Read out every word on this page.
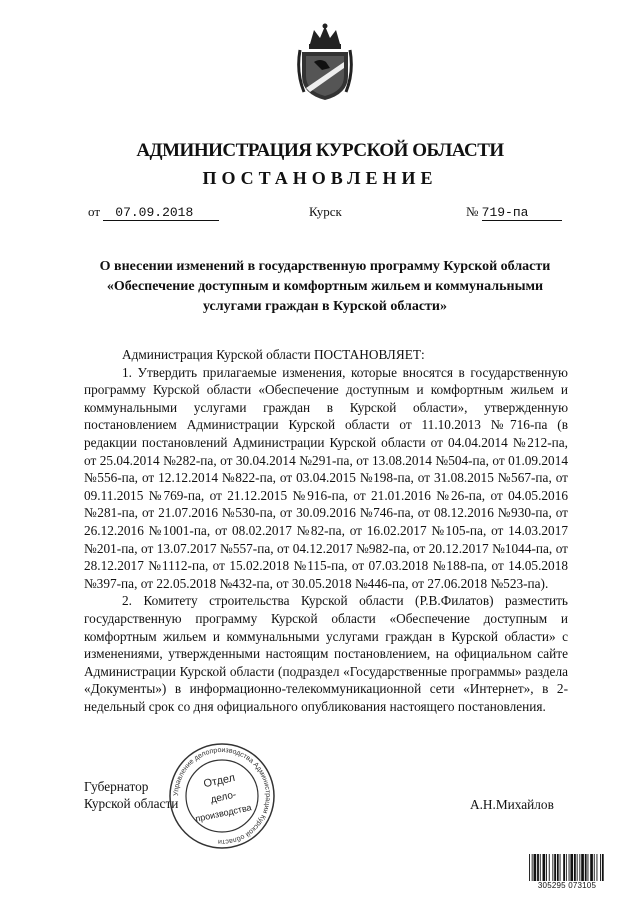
АДМИНИСТРАЦИЯ КУРСКОЙ ОБЛАСТИ
ПОСТАНОВЛЕНИЕ
от 07.09.2018	Курск	№ 719-па
О внесении изменений в государственную программу Курской области
«Обеспечение доступным и комфортным жильем и коммунальными
услугами граждан в Курской области»

Администрация Курской области ПОСТАНОВЛЯЕТ:

1. Утвердить прилагаемые изменения, которые вносятся в государственную программу Курской области «Обеспечение доступным и комфортным жильем и коммунальными услугами граждан в Курской области», утвержденную постановлением Администрации Курской области от 11.10.2013 №716-па (в редакции постановлений Администрации Курской области от 04.04.2014 №212-па, от 25.04.2014 №282-па, от 30.04.2014 №291-па, от 13.08.2014 №504-па, от 01.09.2014 №556-па, от 12.12.2014 №822-па, от 03.04.2015 №198-па, от 31.08.2015 №567-па, от 09.11.2015 №769-па, от 21.12.2015 №916-па, от 21.01.2016 №26-па, от 04.05.2016 №281-па, от 21.07.2016 №530-па, от 30.09.2016 №746-па, от 08.12.2016 №930-па, от 26.12.2016 №1001-па, от 08.02.2017 №82-па, от 16.02.2017 №105-па, от 14.03.2017 №201-па, от 13.07.2017 №557-па, от 04.12.2017 №982-па, от 20.12.2017 №1044-па, от 28.12.2017 №1112-па, от 15.02.2018 №115-па, от 07.03.2018 №188-па, от 14.05.2018 №397-па, от 22.05.2018 №432-па, от 30.05.2018 №446-па, от 27.06.2018 №523-па).

2. Комитету строительства Курской области (Р.В.Филатов) разместить государственную программу Курской области «Обеспечение доступным и комфортным жильем и коммунальными услугами граждан в Курской области» с изменениями, утвержденными настоящим постановлением, на официальном сайте Администрации Курской области (подраздел «Государственные программы» раздела «Документы») в информационно-телекоммуникационной сети «Интернет», в 2-недельный срок со дня официального опубликования настоящего постановления.

Губернатор
Курской области	А.Н.Михайлов
Управление делопроизводства Администрации Курской области
Отдел
дело-
производства
305295 073105
